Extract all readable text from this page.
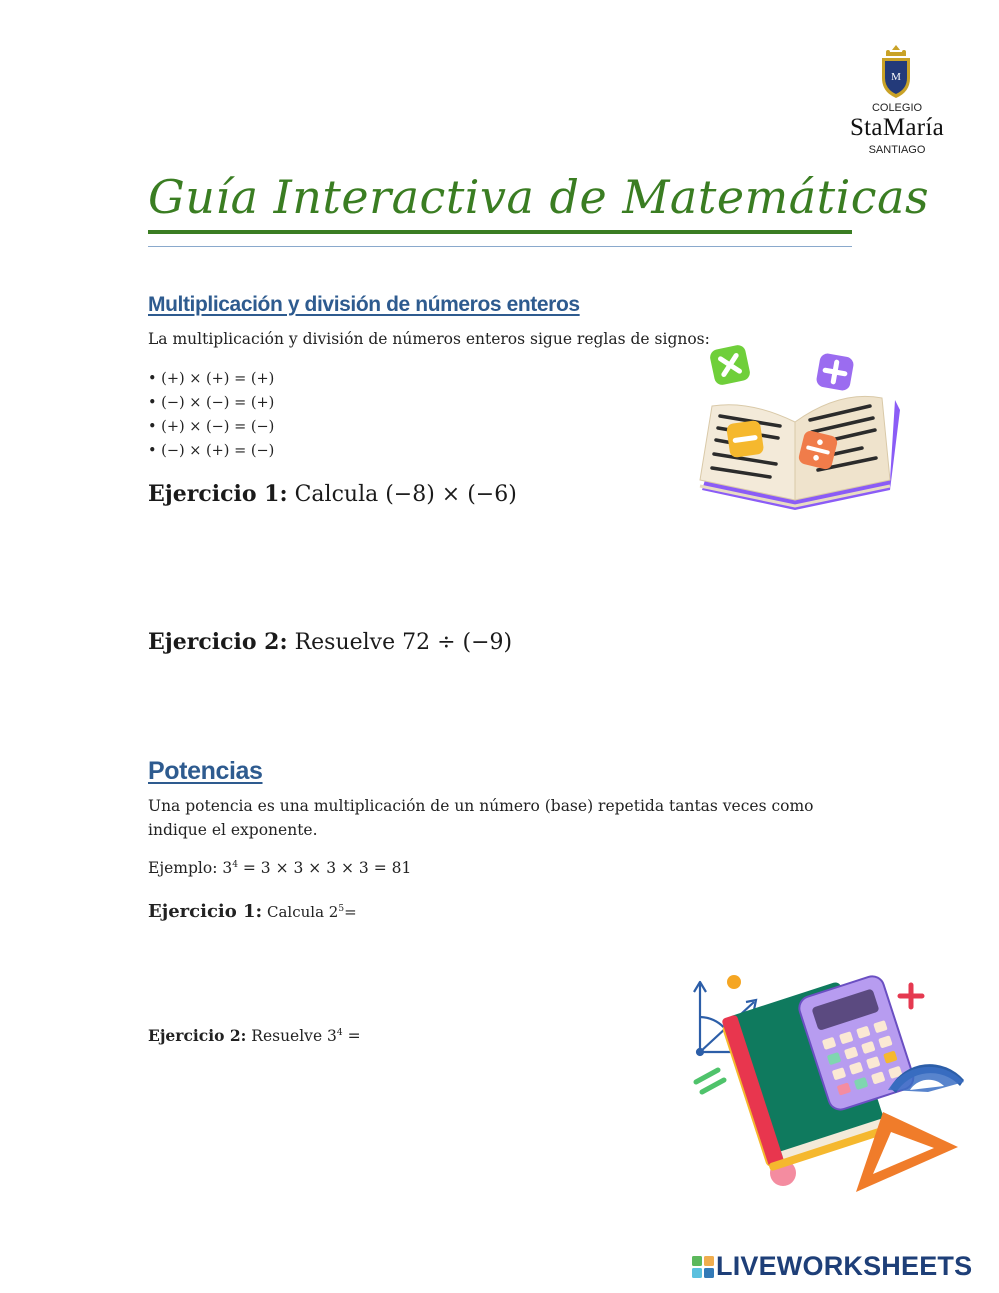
M
COLEGIO
StaMaría
SANTIAGO
Guía Interactiva de Matemáticas
Multiplicación y división de números enteros
La multiplicación y división de números enteros sigue reglas de signos:
• (+) × (+) = (+)
• (−) × (−) = (+)
• (+) × (−) = (−)
• (−) × (+) = (−)
Ejercicio 1: Calcula (−8) × (−6)
Ejercicio 2: Resuelve 72 ÷ (−9)
Potencias
Una potencia es una multiplicación de un número (base) repetida tantas veces como indique el exponente.
Ejemplo: $3^4 = 3 \times 3 \times 3 \times 3 = 81$
Ejercicio 1: Calcula $2^5=$
Ejercicio 2: Resuelve $3^4$ =
LIVEWORKSHEETS
